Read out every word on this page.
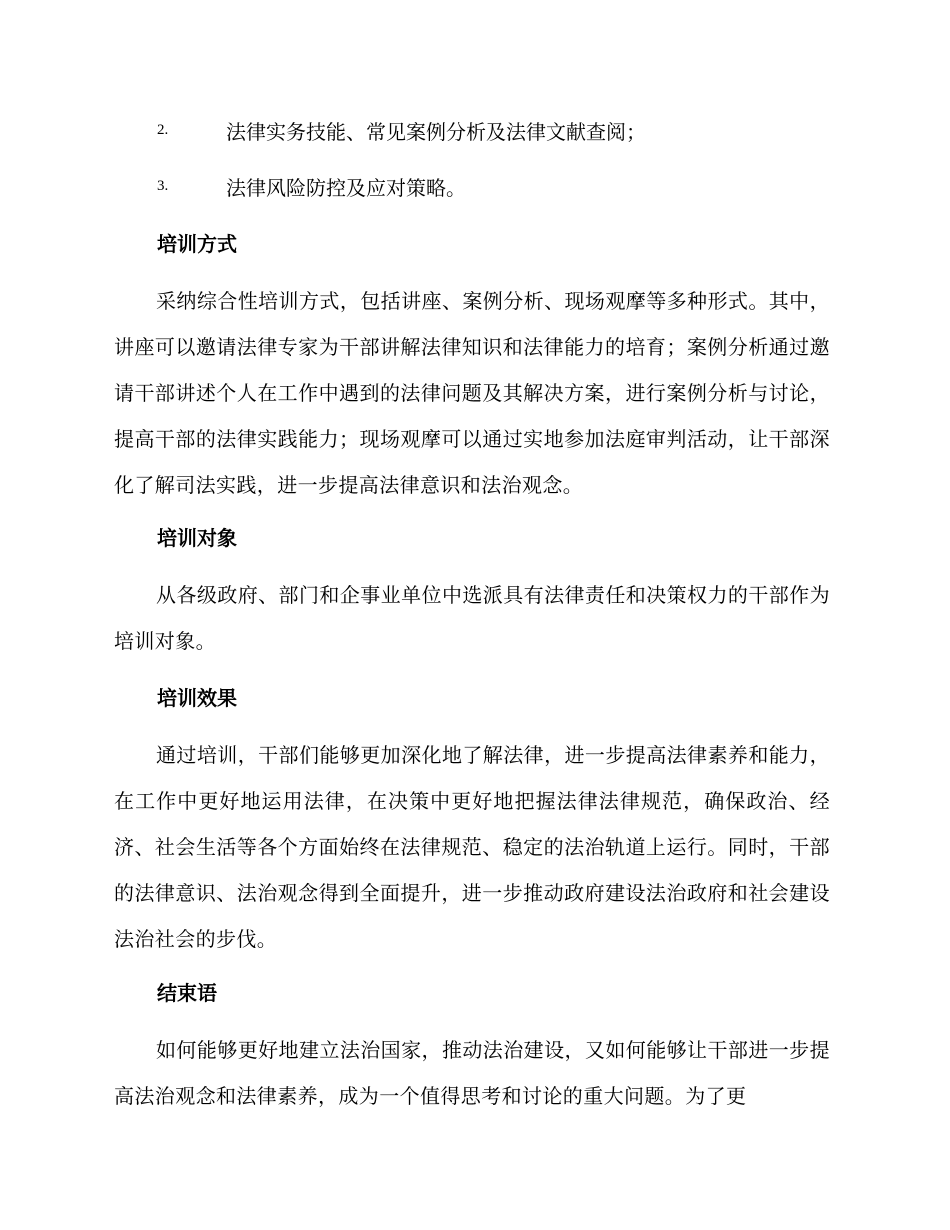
2.	法律实务技能、常见案例分析及法律文献查阅；
3.	法律风险防控及应对策略。
培训方式

采纳综合性培训方式，包括讲座、案例分析、现场观摩等多种形式。其中，讲座可以邀请法律专家为干部讲解法律知识和法律能力的培育；案例分析通过邀请干部讲述个人在工作中遇到的法律问题及其解决方案，进行案例分析与讨论，提高干部的法律实践能力；现场观摩可以通过实地参加法庭审判活动，让干部深化了解司法实践，进一步提高法律意识和法治观念。

培训对象

从各级政府、部门和企事业单位中选派具有法律责任和决策权力的干部作为培训对象。

培训效果

通过培训，干部们能够更加深化地了解法律，进一步提高法律素养和能力，在工作中更好地运用法律，在决策中更好地把握法律法律规范，确保政治、经济、社会生活等各个方面始终在法律规范、稳定的法治轨道上运行。同时，干部的法律意识、法治观念得到全面提升，进一步推动政府建设法治政府和社会建设法治社会的步伐。

结束语

如何能够更好地建立法治国家，推动法治建设，又如何能够让干部进一步提高法治观念和法律素养，成为一个值得思考和讨论的重大问题。为了更
